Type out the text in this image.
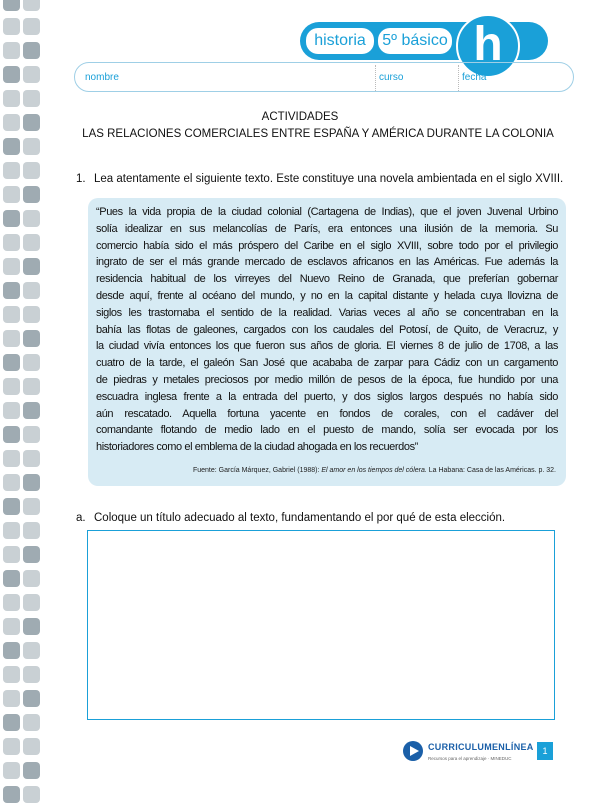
historia	5º básico h
nombre	curso	fecha
ACTIVIDADES
LAS RELACIONES COMERCIALES ENTRE ESPAÑA Y AMÉRICA DURANTE LA COLONIA
1. Lea atentamente el siguiente texto. Este constituye una novela ambientada en el siglo XVIII.
“Pues la vida propia de la ciudad colonial (Cartagena de Indias), que el joven Juvenal Urbino
solía idealizar en sus melancolías de París, era entonces una ilusión de la memoria. Su
comercio había sido el más próspero del Caribe en el siglo XVIII, sobre todo por el privilegio
ingrato de ser el más grande mercado de esclavos africanos en las Américas. Fue además la
residencia habitual de los virreyes del Nuevo Reino de Granada, que preferían gobernar
desde aquí, frente al océano del mundo, y no en la capital distante y helada cuya llovizna de
siglos les trastornaba el sentido de la realidad. Varias veces al año se concentraban en la
bahía las flotas de galeones, cargados con los caudales del Potosí, de Quito, de Veracruz, y
la ciudad vivía entonces los que fueron sus años de gloria. El viernes 8 de julio de 1708, a las
cuatro de la tarde, el galeón San José que acababa de zarpar para Cádiz con un cargamento
de piedras y metales preciosos por medio millón de pesos de la época, fue hundido por una
escuadra inglesa frente a la entrada del puerto, y dos siglos largos después no había sido
aún rescatado. Aquella fortuna yacente en fondos de corales, con el cadáver del
comandante flotando de medio lado en el puesto de mando, solía ser evocada por los
historiadores como el emblema de la ciudad ahogada en los recuerdos”
Fuente: García Márquez, Gabriel (1988): El amor en los tiempos del cólera. La Habana: Casa de las Américas. p. 32.
a. Coloque un título adecuado al texto, fundamentando el por qué de esta elección.
CURRICULUMENLÍNEA
Recursos para el aprendizaje · MINEDUC
1
